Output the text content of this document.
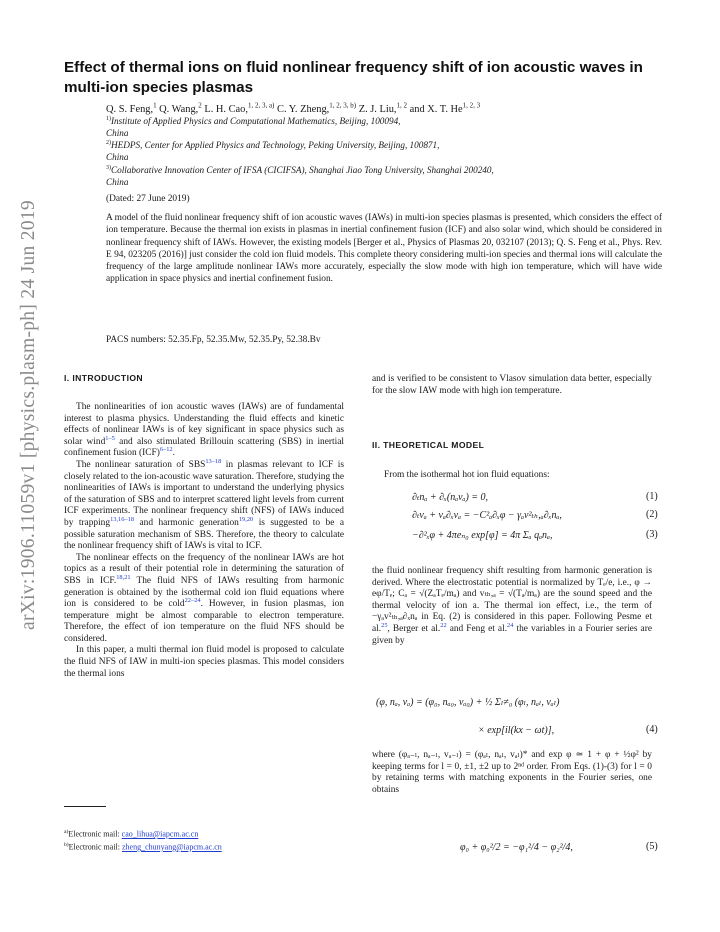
arXiv:1906.11059v1 [physics.plasm-ph] 24 Jun 2019
Effect of thermal ions on fluid nonlinear frequency shift of ion acoustic waves in multi-ion species plasmas
Q. S. Feng,$^1$ Q. Wang,$^2$ L. H. Cao,$^{1, 2, 3, a)}$ C. Y. Zheng,$^{1, 2, 3, b)}$ Z. J. Liu,$^{1, 2}$ and X. T. He$^{1, 2, 3}$
$^{1)}$Institute of Applied Physics and Computational Mathematics, Beijing, 100094,
China
$^{2)}$HEDPS, Center for Applied Physics and Technology, Peking University, Beijing, 100871,
China
$^{3)}$Collaborative Innovation Center of IFSA (CICIFSA), Shanghai Jiao Tong University, Shanghai 200240,
China
(Dated: 27 June 2019)

A model of the fluid nonlinear frequency shift of ion acoustic waves (IAWs) in multi-ion species plasmas is presented, which considers the effect of ion temperature. Because the thermal ion exists in plasmas in inertial confinement fusion (ICF) and also solar wind, which should be considered in nonlinear frequency shift of IAWs. However, the existing models [Berger et al., Physics of Plasmas 20, 032107 (2013); Q. S. Feng et al., Phys. Rev. E 94, 023205 (2016)] just consider the cold ion fluid models. This complete theory considering multi-ion species and thermal ions will calculate the frequency of the large amplitude nonlinear IAWs more accurately, especially the slow mode with high ion temperature, which will have wide application in space physics and inertial confinement fusion.

PACS numbers: 52.35.Fp, 52.35.Mw, 52.35.Py, 52.38.Bv
I. INTRODUCTION

The nonlinearities of ion acoustic waves (IAWs) are of fundamental interest to plasma physics. Understanding the fluid effects and kinetic effects of nonlinear IAWs is of key significant in space physics such as solar wind$^{1-5}$ and also stimulated Brillouin scattering (SBS) in inertial confinement fusion (ICF)$^{6-12}$.

The nonlinear saturation of SBS$^{13-18}$ in plasmas relevant to ICF is closely related to the ion-acoustic wave saturation. Therefore, studying the nonlinearities of IAWs is important to understand the underlying physics of the saturation of SBS and to interpret scattered light levels from current ICF experiments. The nonlinear frequency shift (NFS) of IAWs induced by trapping$^{13,16-18}$ and harmonic generation$^{19,20}$ is suggested to be a possible saturation mechanism of SBS. Therefore, the theory to calculate the nonlinear frequency shift of IAWs is vital to ICF.

The nonlinear effects on the frequency of the nonlinear IAWs are hot topics as a result of their potential role in determining the saturation of SBS in ICF.$^{18,21}$ The fluid NFS of IAWs resulting from harmonic generation is obtained by the isothermal cold ion fluid equations where ion is considered to be cold$^{22-24}$. However, in fusion plasmas, ion temperature might be almost comparable to electron temperature. Therefore, the effect of ion temperature on the fluid NFS should be considered.

In this paper, a multi thermal ion fluid model is proposed to calculate the fluid NFS of IAW in multi-ion species plasmas. This model considers the thermal ions

and is verified to be consistent to Vlasov simulation data better, especially for the slow IAW mode with high ion temperature.

II. THEORETICAL MODEL

From the isothermal hot ion fluid equations:

∂ₜnₐ + ∂ₓ(nₐvₐ) = 0,	(1)
∂ₜvₐ + vₐ∂ₓvₐ = −C²ₐ∂ₓφ − γₐv²ₜₕ,ₐ∂ₓnₐ,	(2)
−∂²ₓφ + 4πeₙ₀ exp[φ] = 4π Σₐ qₐnₐ,	(3)

the fluid nonlinear frequency shift resulting from harmonic generation is derived. Where the electrostatic potential is normalized by Tₑ/e, i.e., φ → eφ/Tₑ; Cₐ = √(ZₐTₑ/mₐ) and vₜₕ,ₐ = √(Tₐ/mₐ) are the sound speed and the thermal velocity of ion a. The thermal ion effect, i.e., the term of −γₐv²ₜₕ,ₐ∂ₓnₐ in Eq. (2) is considered in this paper. Following Pesme et al.$^{25}$, Berger et al.$^{22}$ and Feng et al.$^{24}$ the variables in a Fourier series are given by

(φ, nₐ, vₐ) = (φ₀, nₐ₀, vₐ₀) + ½ Σₗ≠₀ (φₗ, nₐₗ, vₐₗ)
× exp[il(kx − ωt)],	(4)

where (φₐ₋ₗ, nₐ₋ₗ, vₐ₋ₗ) = (φₐₗ, nₐₗ, vₐₗ)* and exp φ ≃ 1 + φ + ½φ² by keeping terms for l = 0, ±1, ±2 up to 2ⁿᵈ order. From Eqs. (1)-(3) for l = 0 by retaining terms with matching exponents in the Fourier series, one obtains

φ₀ + φ₀²/2 = −φ₁²/4 − φ₂²/4,	(5)
$^{a)}$Electronic mail: cao_lihua@iapcm.ac.cn
$^{b)}$Electronic mail: zheng_chunyang@iapcm.ac.cn
